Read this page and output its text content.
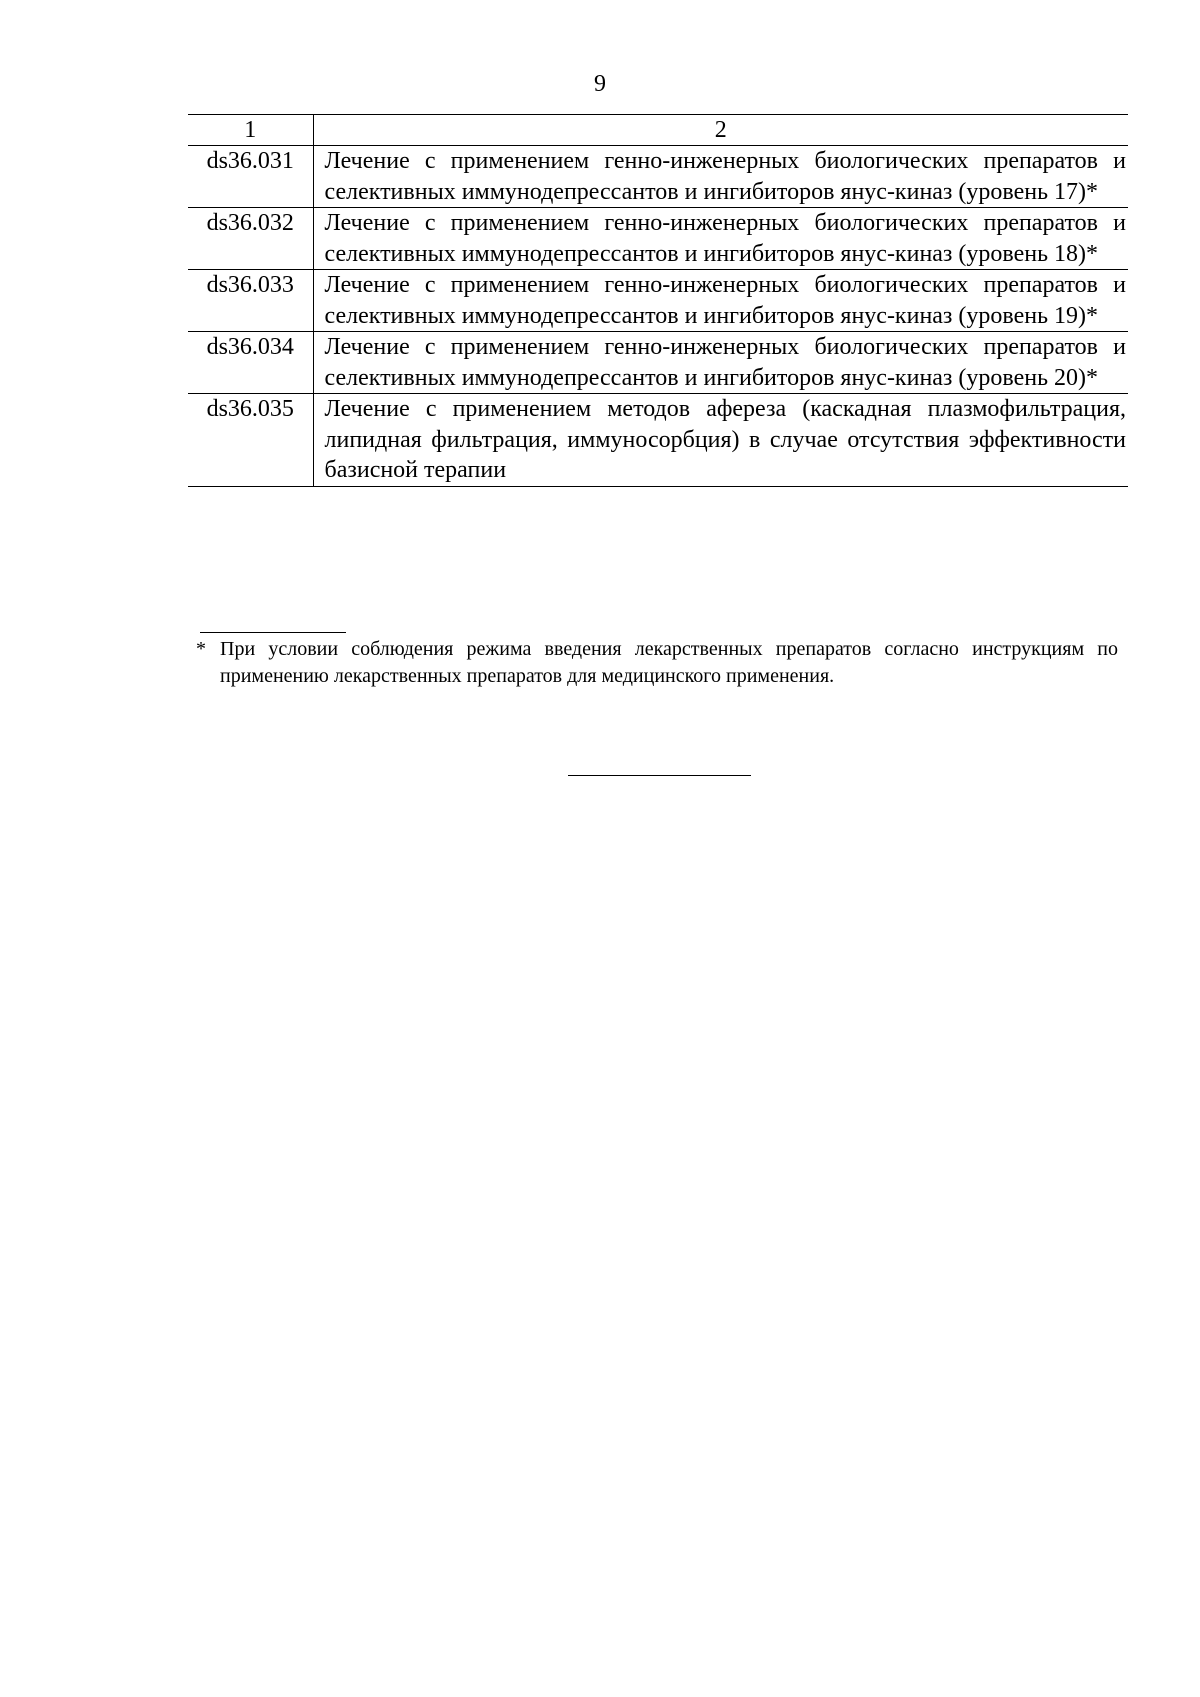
9
1	2
ds36.031	Лечение с применением генно-инженерных биологических препаратов и селективных иммунодепрессантов и ингибиторов янус-киназ (уровень 17)*
ds36.032	Лечение с применением генно-инженерных биологических препаратов и селективных иммунодепрессантов и ингибиторов янус-киназ (уровень 18)*
ds36.033	Лечение с применением генно-инженерных биологических препаратов и селективных иммунодепрессантов и ингибиторов янус-киназ (уровень 19)*
ds36.034	Лечение с применением генно-инженерных биологических препаратов и селективных иммунодепрессантов и ингибиторов янус-киназ (уровень 20)*
ds36.035	Лечение с применением методов афереза (каскадная плазмофильтрация, липидная фильтрация, иммуносорбция) в случае отсутствия эффективности базисной терапии
* При условии соблюдения режима введения лекарственных препаратов согласно инструкциям по применению лекарственных препаратов для медицинского применения.
